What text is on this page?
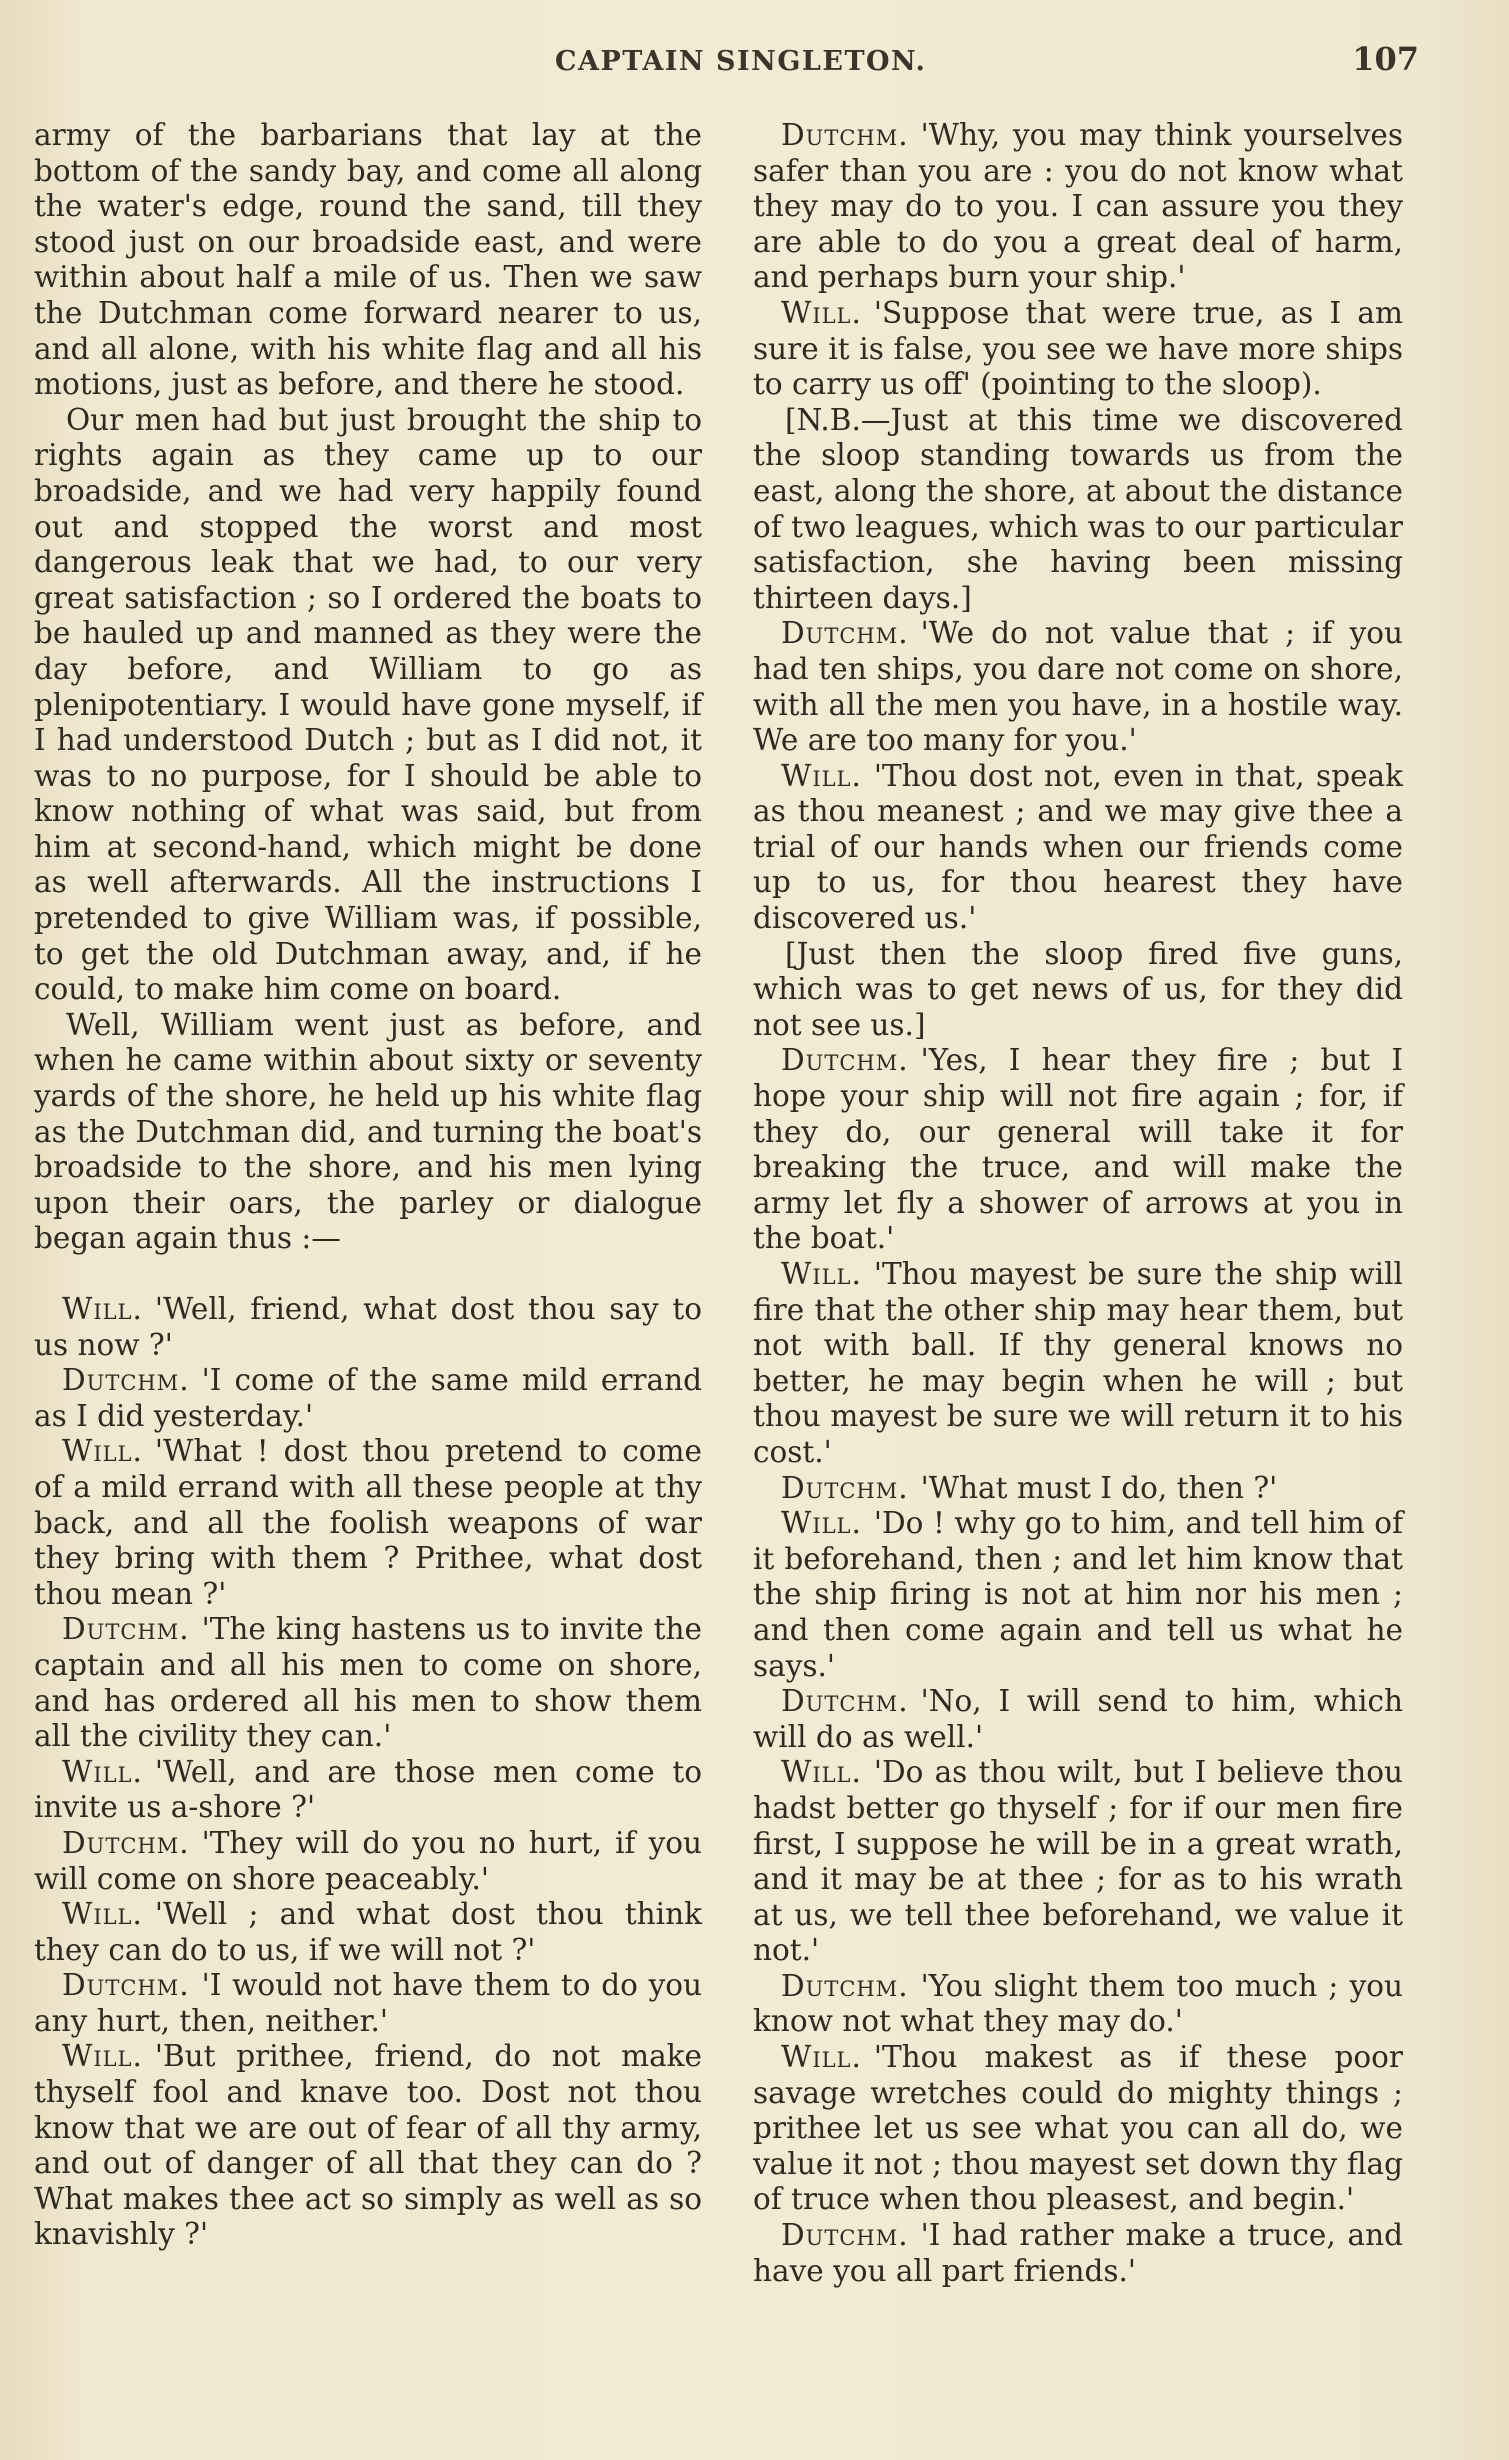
CAPTAIN SINGLETON.	107

army of the barbarians that lay at the bottom of the sandy bay, and come all along the water's edge, round the sand, till they stood just on our broadside east, and were within about half a mile of us. Then we saw the Dutchman come forward nearer to us, and all alone, with his white flag and all his motions, just as before, and there he stood.

Our men had but just brought the ship to rights again as they came up to our broadside, and we had very happily found out and stopped the worst and most dangerous leak that we had, to our very great satisfaction ; so I ordered the boats to be hauled up and manned as they were the day before, and William to go as plenipotentiary. I would have gone myself, if I had understood Dutch ; but as I did not, it was to no purpose, for I should be able to know nothing of what was said, but from him at second-hand, which might be done as well afterwards. All the instructions I pretended to give William was, if possible, to get the old Dutchman away, and, if he could, to make him come on board.

Well, William went just as before, and when he came within about sixty or seventy yards of the shore, he held up his white flag as the Dutchman did, and turning the boat's broadside to the shore, and his men lying upon their oars, the parley or dialogue began again thus :—

Will. 'Well, friend, what dost thou say to us now ?'

Dutchm. 'I come of the same mild errand as I did yesterday.'

Will. 'What ! dost thou pretend to come of a mild errand with all these people at thy back, and all the foolish weapons of war they bring with them ? Prithee, what dost thou mean ?'

Dutchm. 'The king hastens us to invite the captain and all his men to come on shore, and has ordered all his men to show them all the civility they can.'

Will. 'Well, and are those men come to invite us a-shore ?'

Dutchm. 'They will do you no hurt, if you will come on shore peaceably.'

Will. 'Well ; and what dost thou think they can do to us, if we will not ?'

Dutchm. 'I would not have them to do you any hurt, then, neither.'

Will. 'But prithee, friend, do not make thyself fool and knave too. Dost not thou know that we are out of fear of all thy army, and out of danger of all that they can do ? What makes thee act so simply as well as so knavishly ?'

Dutchm. 'Why, you may think yourselves safer than you are : you do not know what they may do to you. I can assure you they are able to do you a great deal of harm, and perhaps burn your ship.'

Will. 'Suppose that were true, as I am sure it is false, you see we have more ships to carry us off' (pointing to the sloop).

[N.B.—Just at this time we discovered the sloop standing towards us from the east, along the shore, at about the distance of two leagues, which was to our particular satisfaction, she having been missing thirteen days.]

Dutchm. 'We do not value that ; if you had ten ships, you dare not come on shore, with all the men you have, in a hostile way. We are too many for you.'

Will. 'Thou dost not, even in that, speak as thou meanest ; and we may give thee a trial of our hands when our friends come up to us, for thou hearest they have discovered us.'

[Just then the sloop fired five guns, which was to get news of us, for they did not see us.]

Dutchm. 'Yes, I hear they fire ; but I hope your ship will not fire again ; for, if they do, our general will take it for breaking the truce, and will make the army let fly a shower of arrows at you in the boat.'

Will. 'Thou mayest be sure the ship will fire that the other ship may hear them, but not with ball. If thy general knows no better, he may begin when he will ; but thou mayest be sure we will return it to his cost.'

Dutchm. 'What must I do, then ?'

Will. 'Do ! why go to him, and tell him of it beforehand, then ; and let him know that the ship firing is not at him nor his men ; and then come again and tell us what he says.'

Dutchm. 'No, I will send to him, which will do as well.'

Will. 'Do as thou wilt, but I believe thou hadst better go thyself ; for if our men fire first, I suppose he will be in a great wrath, and it may be at thee ; for as to his wrath at us, we tell thee beforehand, we value it not.'

Dutchm. 'You slight them too much ; you know not what they may do.'

Will. 'Thou makest as if these poor savage wretches could do mighty things ; prithee let us see what you can all do, we value it not ; thou mayest set down thy flag of truce when thou pleasest, and begin.'

Dutchm. 'I had rather make a truce, and have you all part friends.'
